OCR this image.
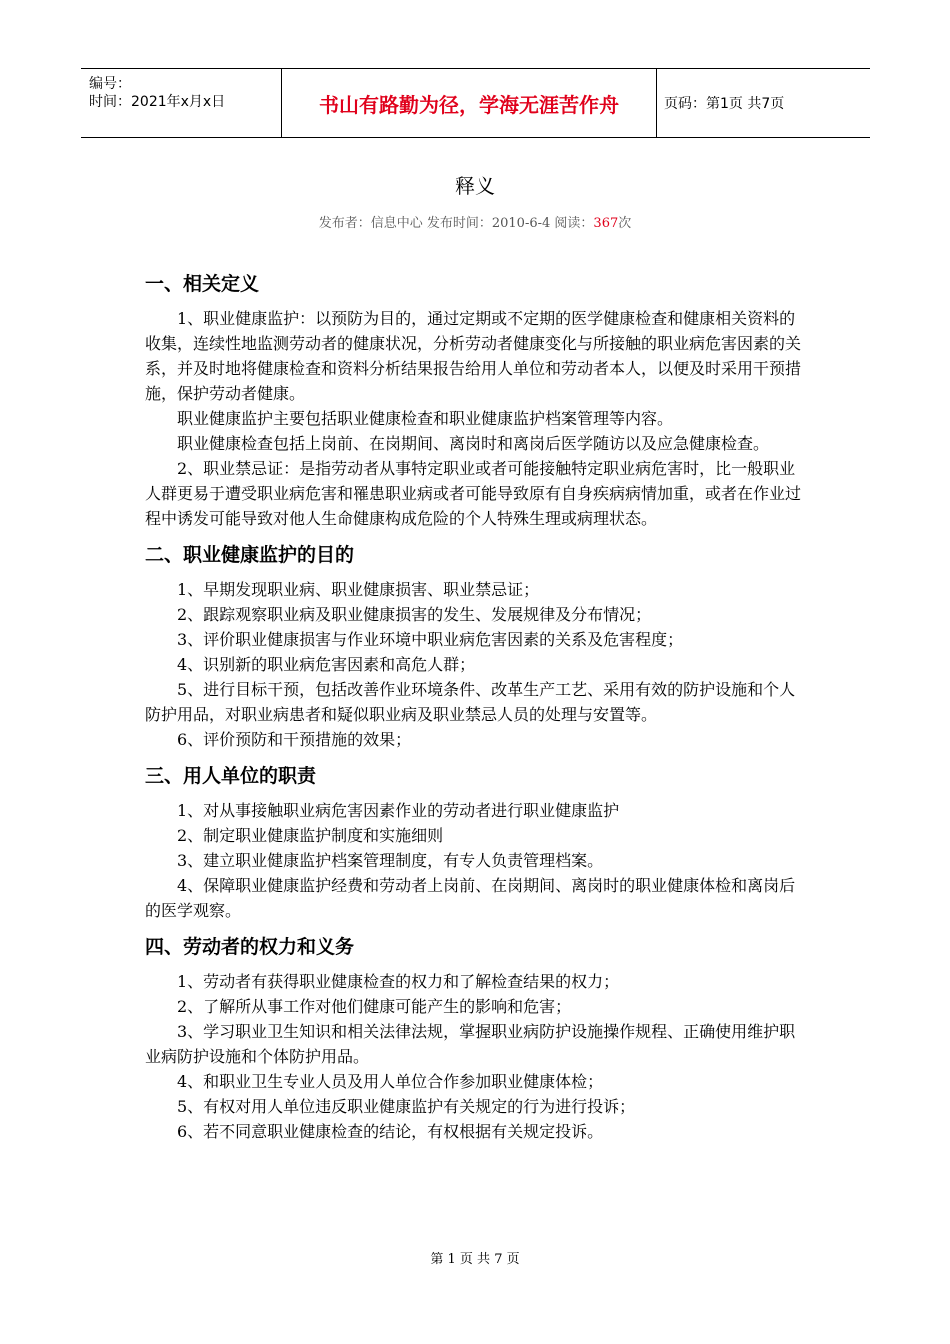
编号：
时间：2021年x月x日	书山有路勤为径，学海无涯苦作舟	页码：第1页 共7页
释义
发布者：信息中心 发布时间：2010-6-4 阅读：367次
一、相关定义

1、职业健康监护：以预防为目的，通过定期或不定期的医学健康检查和健康相关资料的收集，连续性地监测劳动者的健康状况，分析劳动者健康变化与所接触的职业病危害因素的关系，并及时地将健康检查和资料分析结果报告给用人单位和劳动者本人，以便及时采用干预措施，保护劳动者健康。

职业健康监护主要包括职业健康检查和职业健康监护档案管理等内容。

职业健康检查包括上岗前、在岗期间、离岗时和离岗后医学随访以及应急健康检查。

2、职业禁忌证：是指劳动者从事特定职业或者可能接触特定职业病危害时，比一般职业人群更易于遭受职业病危害和罹患职业病或者可能导致原有自身疾病病情加重，或者在作业过程中诱发可能导致对他人生命健康构成危险的个人特殊生理或病理状态。

二、职业健康监护的目的

1、早期发现职业病、职业健康损害、职业禁忌证；

2、跟踪观察职业病及职业健康损害的发生、发展规律及分布情况；

3、评价职业健康损害与作业环境中职业病危害因素的关系及危害程度；

4、识别新的职业病危害因素和高危人群；

5、进行目标干预，包括改善作业环境条件、改革生产工艺、采用有效的防护设施和个人防护用品，对职业病患者和疑似职业病及职业禁忌人员的处理与安置等。

6、评价预防和干预措施的效果；

三、用人单位的职责

1、对从事接触职业病危害因素作业的劳动者进行职业健康监护

2、制定职业健康监护制度和实施细则

3、建立职业健康监护档案管理制度，有专人负责管理档案。

4、保障职业健康监护经费和劳动者上岗前、在岗期间、离岗时的职业健康体检和离岗后的医学观察。

四、劳动者的权力和义务

1、劳动者有获得职业健康检查的权力和了解检查结果的权力；

2、了解所从事工作对他们健康可能产生的影响和危害；

3、学习职业卫生知识和相关法律法规，掌握职业病防护设施操作规程、正确使用维护职业病防护设施和个体防护用品。

4、和职业卫生专业人员及用人单位合作参加职业健康体检；

5、有权对用人单位违反职业健康监护有关规定的行为进行投诉；

6、若不同意职业健康检查的结论，有权根据有关规定投诉。

第 1 页 共 7 页
